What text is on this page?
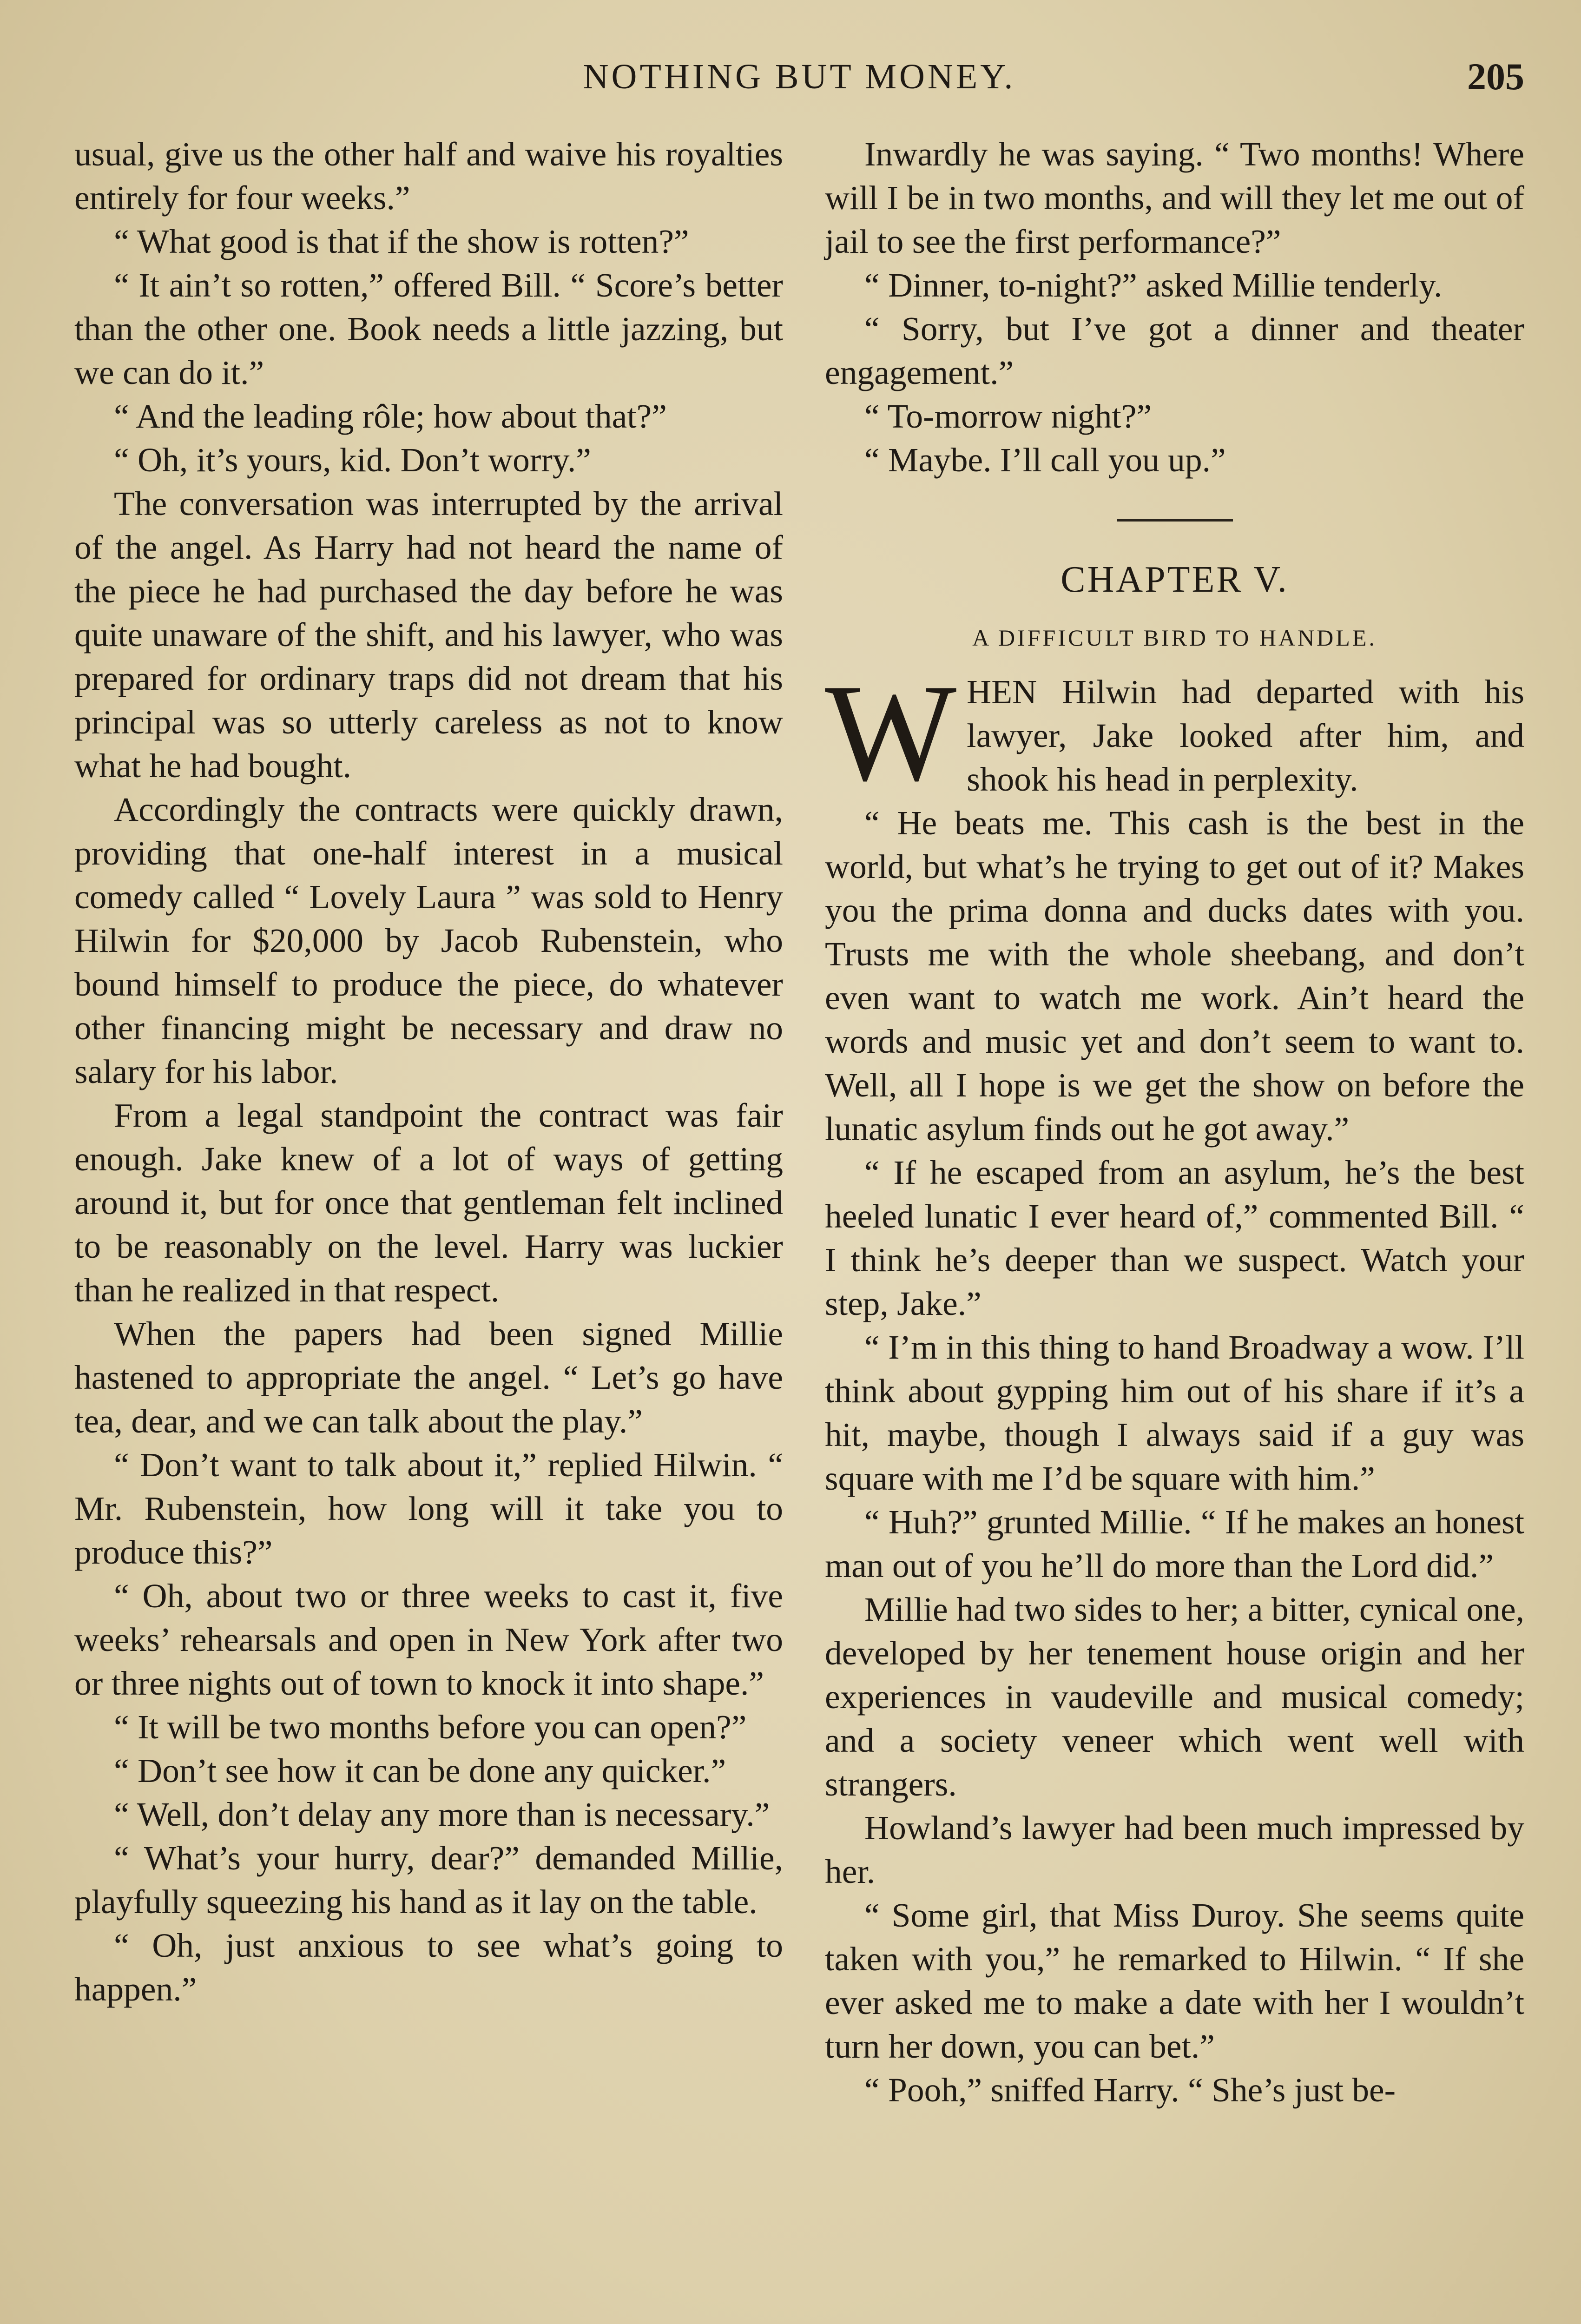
NOTHING BUT MONEY.	205

usual, give us the other half and waive his royalties entirely for four weeks.”

“ What good is that if the show is rotten?”

“ It ain’t so rotten,” offered Bill. “ Score’s better than the other one. Book needs a little jazzing, but we can do it.”

“ And the leading rôle; how about that?”

“ Oh, it’s yours, kid. Don’t worry.”

The conversation was interrupted by the arrival of the angel. As Harry had not heard the name of the piece he had purchased the day before he was quite unaware of the shift, and his lawyer, who was prepared for ordinary traps did not dream that his principal was so utterly careless as not to know what he had bought.

Accordingly the contracts were quickly drawn, providing that one-half interest in a musical comedy called “ Lovely Laura ” was sold to Henry Hilwin for $20,000 by Jacob Rubenstein, who bound himself to produce the piece, do whatever other financing might be necessary and draw no salary for his labor.

From a legal standpoint the contract was fair enough. Jake knew of a lot of ways of getting around it, but for once that gentleman felt inclined to be reasonably on the level. Harry was luckier than he realized in that respect.

When the papers had been signed Millie hastened to appropriate the angel. “ Let’s go have tea, dear, and we can talk about the play.”

“ Don’t want to talk about it,” replied Hilwin. “ Mr. Rubenstein, how long will it take you to produce this?”

“ Oh, about two or three weeks to cast it, five weeks’ rehearsals and open in New York after two or three nights out of town to knock it into shape.”

“ It will be two months before you can open?”

“ Don’t see how it can be done any quicker.”

“ Well, don’t delay any more than is necessary.”

“ What’s your hurry, dear?” demanded Millie, playfully squeezing his hand as it lay on the table.

“ Oh, just anxious to see what’s going to happen.”

Inwardly he was saying. “ Two months! Where will I be in two months, and will they let me out of jail to see the first performance?”

“ Dinner, to-night?” asked Millie tenderly.

“ Sorry, but I’ve got a dinner and theater engagement.”

“ To-morrow night?”

“ Maybe. I’ll call you up.”

CHAPTER V.
A DIFFICULT BIRD TO HANDLE.

WHEN Hilwin had departed with his lawyer, Jake looked after him, and shook his head in perplexity.

“ He beats me. This cash is the best in the world, but what’s he trying to get out of it? Makes you the prima donna and ducks dates with you. Trusts me with the whole sheebang, and don’t even want to watch me work. Ain’t heard the words and music yet and don’t seem to want to. Well, all I hope is we get the show on before the lunatic asylum finds out he got away.”

“ If he escaped from an asylum, he’s the best heeled lunatic I ever heard of,” commented Bill. “ I think he’s deeper than we suspect. Watch your step, Jake.”

“ I’m in this thing to hand Broadway a wow. I’ll think about gypping him out of his share if it’s a hit, maybe, though I always said if a guy was square with me I’d be square with him.”

“ Huh?” grunted Millie. “ If he makes an honest man out of you he’ll do more than the Lord did.”

Millie had two sides to her; a bitter, cynical one, developed by her tenement house origin and her experiences in vaudeville and musical comedy; and a society veneer which went well with strangers.

Howland’s lawyer had been much impressed by her.

“ Some girl, that Miss Duroy. She seems quite taken with you,” he remarked to Hilwin. “ If she ever asked me to make a date with her I wouldn’t turn her down, you can bet.”

“ Pooh,” sniffed Harry. “ She’s just be-
